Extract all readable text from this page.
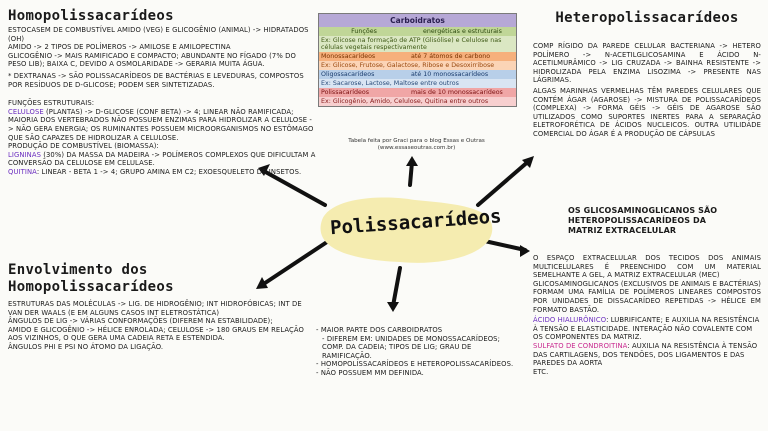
Polissacarídeos
Homopolissacarídeos
ESTOCASEM DE COMBUSTÍVEL AMIDO (VEG) E GLICOGÊNIO (ANIMAL) -> HIDRATADOS (OH)
AMIDO -> 2 TIPOS DE POLÍMEROS -> AMILOSE E AMILOPECTINA
GLICOGÊNIO -> MAIS RAMIFICADO E COMPACTO; ABUNDANTE NO FÍGADO (7% DO PESO LIB); BAIXA C, DEVIDO A OSMOLARIDADE -> GERARIA MUITA ÁGUA.
* DEXTRANAS -> SÃO POLISSACARÍDEOS DE BACTÉRIAS E LEVEDURAS, COMPOSTOS POR RESÍDUOS DE D-GLICOSE; PODEM SER SINTETIZADAS.
FUNÇÕES ESTRUTURAIS:
CELULOSE (PLANTAS) -> D-GLICOSE (CONF BETA) -> 4; LINEAR NÃO RAMIFICADA; MAIORIA DOS VERTEBRADOS NÃO POSSUEM ENZIMAS PARA HIDROLIZAR A CELULOSE -> NÃO GERA ENERGIA; OS RUMINANTES POSSUEM MICROORGANISMOS NO ESTÔMAGO QUE SÃO CAPAZES DE HIDROLIZAR A CELULOSE.
PRODUÇÃO DE COMBUSTÍVEL (BIOMASSA):
LIGNINAS (30%) DA MASSA DA MADEIRA -> POLÍMEROS COMPLEXOS QUE DIFICULTAM A CONVERSÃO DA CELULOSE EM CELULASE.
QUITINA: LINEAR - BETA 1 -> 4; GRUPO AMINA EM C2; EXOESQUELETO DE INSETOS.
Envolvimento dos
Homopolissacarídeos
ESTRUTURAS DAS MOLÉCULAS -> LIG. DE HIDROGÊNIO; INT HIDROFÓBICAS; INT DE VAN DER WAALS (E EM ALGUNS CASOS INT ELETROSTÁTICA)
ÂNGULOS DE LIG -> VÁRIAS CONFORMAÇÕES (DIFEREM NA ESTABILIDADE);
AMIDO E GLICOGÊNIO -> HÉLICE ENROLADA; CELULOSE -> 180 GRAUS EM RELAÇÃO AOS VIZINHOS, O QUE GERA UMA CADEIA RETA E ESTENDIDA.
ÂNGULOS PHI E PSI NO ÁTOMO DA LIGAÇÃO.
Carboidratos
Funções	energéticas e estruturais
Ex: Glicose na formação de ATP (Glisólise) e Celulose nas células vegetais respectivamente
Monossacarídeos	até 7 átomos de carbono
Ex: Glicose, Frutose, Galactose, Ribose e Desoxirribose
Oligossacarídeos	até 10 monossacarídeos
Ex: Sacarose, Lactose, Maltose entre outros
Polissacarídeos	mais de 10 monossacarídeos
Ex: Glicogênio, Amido, Celulose, Quitina entre outros
Tabela feita por Graci para o blog Essas e Outras
(www.essaseoutras.com.br)
- MAIOR PARTE DOS CARBOIDRATOS
- DIFEREM EM: UNIDADES DE MONOSSACARÍDEOS; COMP. DA CADEIA; TIPOS DE LIG; GRAU DE RAMIFICAÇÃO.
- HOMOPOLISSACARÍDEOS E HETEROPOLISSACARÍDEOS.
- NÃO POSSUEM MM DEFINIDA.
Heteropolissacarídeos
COMP RÍGIDO DA PAREDE CELULAR BACTERIANA -> HETERO POLÍMERO -> N-ACETILGLICOSAMINA E ÁCIDO N-ACETILMURÂMICO -> LIG CRUZADA -> BAINHA RESISTENTE -> HIDROLIZADA PELA ENZIMA LISOZIMA -> PRESENTE NAS LÁGRIMAS.
ALGAS MARINHAS VERMELHAS TÊM PAREDES CELULARES QUE CONTÉM ÁGAR (AGAROSE) -> MISTURA DE POLISSACARÍDEOS (COMPLEXA) -> FORMA GÉIS -> GÉIS DE AGAROSE SÃO UTILIZADOS COMO SUPORTES INERTES PARA A SEPARAÇÃO ELETROFORÉTICA DE ÁCIDOS NUCLEICOS. OUTRA UTILIDADE COMERCIAL DO ÁGAR É A PRODUÇÃO DE CÁPSULAS
OS GLICOSAMINOGLICANOS SÃO
HETEROPOLISSACARÍDEOS DA
MATRIZ EXTRACELULAR
O ESPAÇO EXTRACELULAR DOS TECIDOS DOS ANIMAIS MULTICELULARES É PREENCHIDO COM UM MATERIAL SEMELHANTE A GEL, A MATRIZ EXTRACELULAR (MEC)
GLICOSAMINOGLICANOS (EXCLUSIVOS DE ANIMAIS E BACTÉRIAS) FORMAM UMA FAMÍLIA DE POLÍMEROS LINEARES COMPOSTOS POR UNIDADES DE DISSACARÍDEO REPETIDAS -> HÉLICE EM FORMATO BASTÃO.
ÁCIDO HIALURÔNICO: LUBRIFICANTE; E AUXILIA NA RESISTÊNCIA À TENSÃO E ELASTICIDADE. INTERAÇÃO NÃO COVALENTE COM OS COMPONENTES DA MATRIZ.
SULFATO DE CONDROITINA: AUXILIA NA RESISTÊNCIA À TENSÃO DAS CARTILAGENS, DOS TENDÕES, DOS LIGAMENTOS E DAS PAREDES DA AORTA
ETC.
